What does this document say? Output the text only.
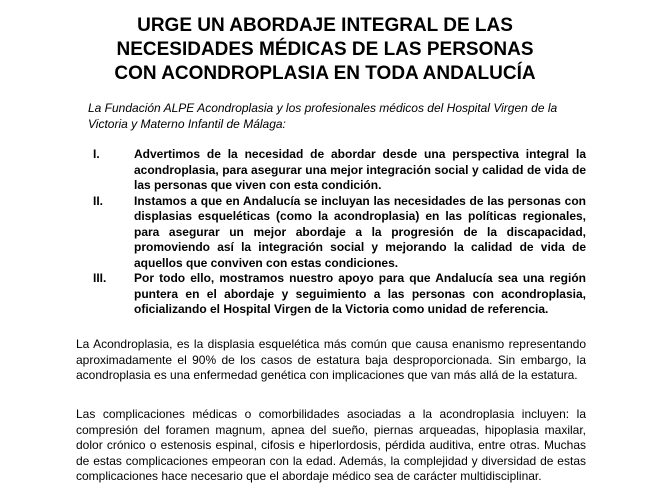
URGE UN ABORDAJE INTEGRAL DE LAS
NECESIDADES MÉDICAS DE LAS PERSONAS
CON ACONDROPLASIA EN TODA ANDALUCÍA
La Fundación ALPE Acondroplasia y los profesionales médicos del Hospital Virgen de la Victoria y Materno Infantil de Málaga:
I.	Advertimos de la necesidad de abordar desde una perspectiva integral la acondroplasia, para asegurar una mejor integración social y calidad de vida de las personas que viven con esta condición.
II.	Instamos a que en Andalucía se incluyan las necesidades de las personas con displasias esqueléticas (como la acondroplasia) en las políticas regionales, para asegurar un mejor abordaje a la progresión de la discapacidad, promoviendo así la integración social y mejorando la calidad de vida de aquellos que conviven con estas condiciones.
III.	Por todo ello, mostramos nuestro apoyo para que Andalucía sea una región puntera en el abordaje y seguimiento a las personas con acondroplasia, oficializando el Hospital Virgen de la Victoria como unidad de referencia.
La Acondroplasia, es la displasia esquelética más común que causa enanismo representando aproximadamente el 90% de los casos de estatura baja desproporcionada. Sin embargo, la acondroplasia es una enfermedad genética con implicaciones que van más allá de la estatura.
Las complicaciones médicas o comorbilidades asociadas a la acondroplasia incluyen: la compresión del foramen magnum, apnea del sueño, piernas arqueadas, hipoplasia maxilar, dolor crónico o estenosis espinal, cifosis e hiperlordosis, pérdida auditiva, entre otras. Muchas de estas complicaciones empeoran con la edad. Además, la complejidad y diversidad de estas complicaciones hace necesario que el abordaje médico sea de carácter multidisciplinar.
